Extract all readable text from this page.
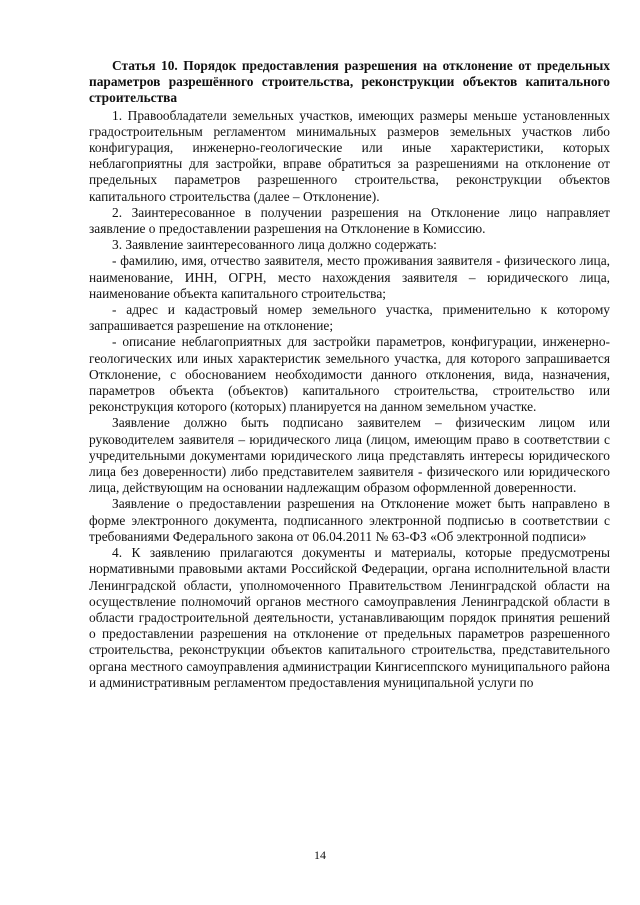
Статья 10. Порядок предоставления разрешения на отклонение от предельных параметров разрешённого строительства, реконструкции объектов капитального строительства

1. Правообладатели земельных участков, имеющих размеры меньше установленных градостроительным регламентом минимальных размеров земельных участков либо конфигурация, инженерно-геологические или иные характеристики, которых неблагоприятны для застройки, вправе обратиться за разрешениями на отклонение от предельных параметров разрешенного строительства, реконструкции объектов капитального строительства (далее – Отклонение).

2. Заинтересованное в получении разрешения на Отклонение лицо направляет заявление о предоставлении разрешения на Отклонение в Комиссию.

3. Заявление заинтересованного лица должно содержать:

- фамилию, имя, отчество заявителя, место проживания заявителя - физического лица, наименование, ИНН, ОГРН, место нахождения заявителя – юридического лица, наименование объекта капитального строительства;

- адрес и кадастровый номер земельного участка, применительно к которому запрашивается разрешение на отклонение;

- описание неблагоприятных для застройки параметров, конфигурации, инженерно-геологических или иных характеристик земельного участка, для которого запрашивается Отклонение, с обоснованием необходимости данного отклонения, вида, назначения, параметров объекта (объектов) капитального строительства, строительство или реконструкция которого (которых) планируется на данном земельном участке.

Заявление должно быть подписано заявителем – физическим лицом или руководителем заявителя – юридического лица (лицом, имеющим право в соответствии с учредительными документами юридического лица представлять интересы юридического лица без доверенности) либо представителем заявителя - физического или юридического лица, действующим на основании надлежащим образом оформленной доверенности.

Заявление о предоставлении разрешения на Отклонение может быть направлено в форме электронного документа, подписанного электронной подписью в соответствии с требованиями Федерального закона от 06.04.2011 № 63-ФЗ «Об электронной подписи»

4. К заявлению прилагаются документы и материалы, которые предусмотрены нормативными правовыми актами Российской Федерации, органа исполнительной власти Ленинградской области, уполномоченного Правительством Ленинградской области на осуществление полномочий органов местного самоуправления Ленинградской области в области градостроительной деятельности, устанавливающим порядок принятия решений о предоставлении разрешения на отклонение от предельных параметров разрешенного строительства, реконструкции объектов капитального строительства, представительного органа местного самоуправления администрации Кингисеппского муниципального района и административным регламентом предоставления муниципальной услуги по

14
